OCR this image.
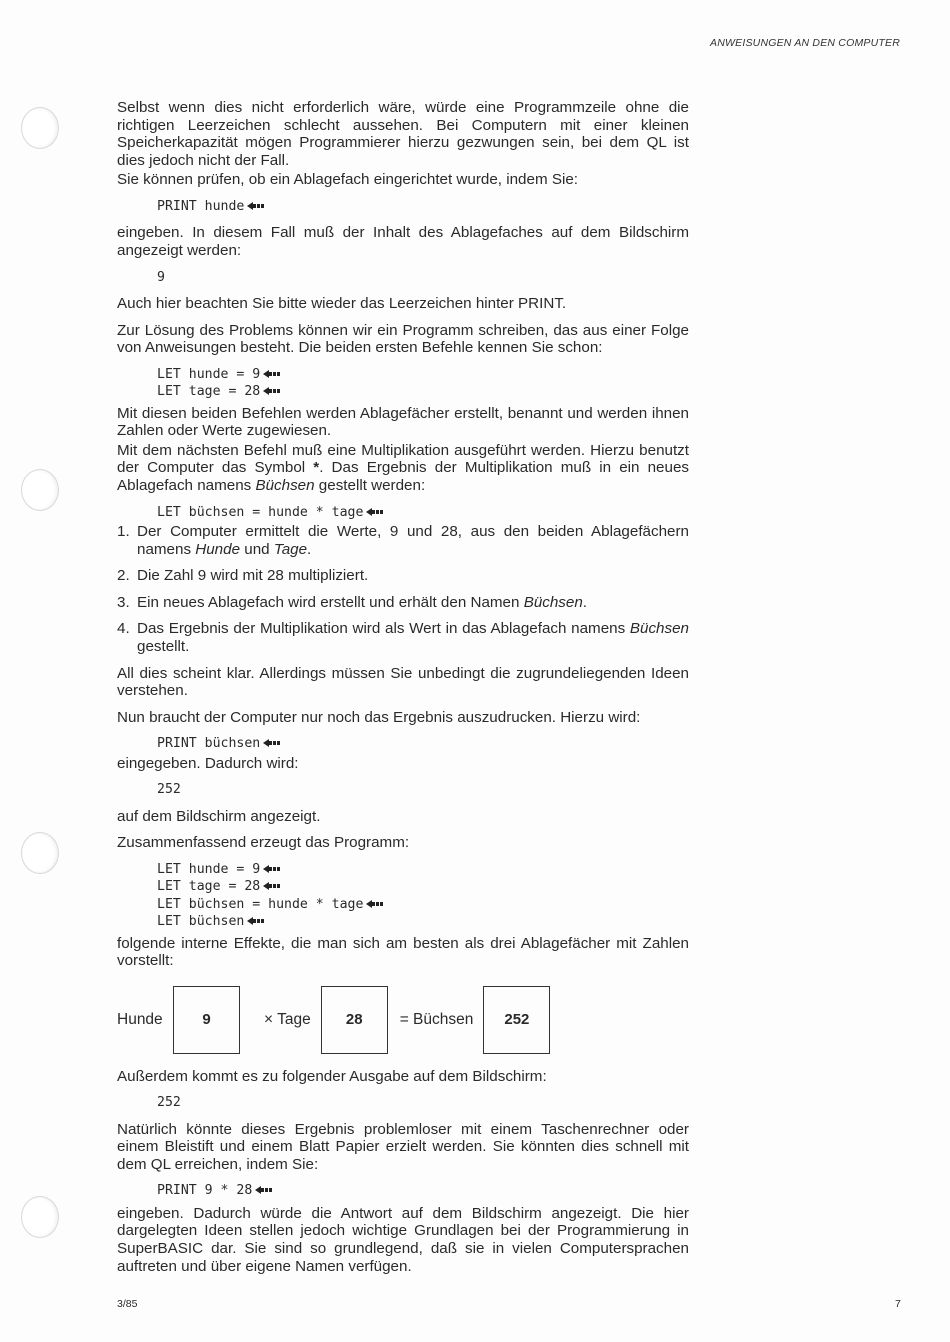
ANWEISUNGEN AN DEN COMPUTER

Selbst wenn dies nicht erforderlich wäre, würde eine Programmzeile ohne die richtigen Leerzeichen schlecht aussehen. Bei Computern mit einer kleinen Speicherkapazität mögen Programmierer hierzu gezwungen sein, bei dem QL ist dies jedoch nicht der Fall.

Sie können prüfen, ob ein Ablagefach eingerichtet wurde, indem Sie:

PRINT hunde

eingeben. In diesem Fall muß der Inhalt des Ablagefaches auf dem Bildschirm angezeigt werden:

9

Auch hier beachten Sie bitte wieder das Leerzeichen hinter PRINT.

Zur Lösung des Problems können wir ein Programm schreiben, das aus einer Folge von Anweisungen besteht. Die beiden ersten Befehle kennen Sie schon:

LET hunde = 9
LET tage = 28

Mit diesen beiden Befehlen werden Ablagefächer erstellt, benannt und werden ihnen Zahlen oder Werte zugewiesen.

Mit dem nächsten Befehl muß eine Multiplikation ausgeführt werden. Hierzu benutzt der Computer das Symbol *. Das Ergebnis der Multiplikation muß in ein neues Ablagefach namens Büchsen gestellt werden:

LET büchsen = hunde * tage
1. Der Computer ermittelt die Werte, 9 und 28, aus den beiden Ablagefächern namens Hunde und Tage.
2. Die Zahl 9 wird mit 28 multipliziert.
3. Ein neues Ablagefach wird erstellt und erhält den Namen Büchsen.
4. Das Ergebnis der Multiplikation wird als Wert in das Ablagefach namens Büchsen gestellt.

All dies scheint klar. Allerdings müssen Sie unbedingt die zugrundeliegenden Ideen verstehen.

Nun braucht der Computer nur noch das Ergebnis auszudrucken. Hierzu wird:

PRINT büchsen

eingegeben. Dadurch wird:

252

auf dem Bildschirm angezeigt.

Zusammenfassend erzeugt das Programm:

LET hunde = 9
LET tage = 28
LET büchsen = hunde * tage
LET büchsen

folgende interne Effekte, die man sich am besten als drei Ablagefächer mit Zahlen vorstellt:

Hunde	9	× Tage	28	= Büchsen	252

Außerdem kommt es zu folgender Ausgabe auf dem Bildschirm:

252

Natürlich könnte dieses Ergebnis problemloser mit einem Taschenrechner oder einem Bleistift und einem Blatt Papier erzielt werden. Sie könnten dies schnell mit dem QL erreichen, indem Sie:

PRINT 9 * 28

eingeben. Dadurch würde die Antwort auf dem Bildschirm angezeigt. Die hier dargelegten Ideen stellen jedoch wichtige Grundlagen bei der Programmierung in SuperBASIC dar. Sie sind so grundlegend, daß sie in vielen Computersprachen auftreten und über eigene Namen verfügen.

3/85	7
